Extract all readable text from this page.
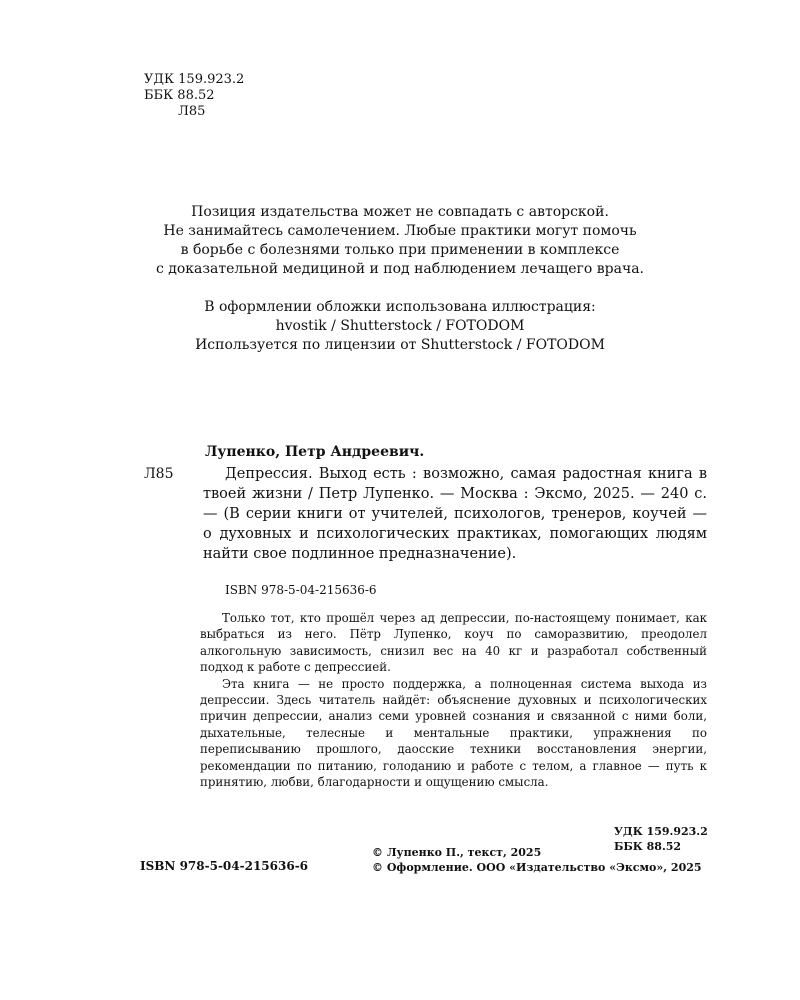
УДК 159.923.2
ББК 88.52
Л85
Позиция издательства может не совпадать с авторской.
Не занимайтесь самолечением. Любые практики могут помочь
в борьбе с болезнями только при применении в комплексе
с доказательной медициной и под наблюдением лечащего врача.
В оформлении обложки использована иллюстрация:
hvostik / Shutterstock / FOTODOM
Используется по лицензии от Shutterstock / FOTODOM
Лупенко, Петр Андреевич.
Л85	Депрессия. Выход есть : возможно, самая радостная книга в твоей жизни / Петр Лупенко. — Москва : Эксмо, 2025. — 240 с. — (В серии книги от учителей, психологов, тренеров, коучей — о духовных и психологических практиках, помогающих людям найти свое подлинное предназначение).
ISBN 978-5-04-215636-6

Только тот, кто прошёл через ад депрессии, по-настоящему понимает, как выбраться из него. Пётр Лупенко, коуч по саморазвитию, преодолел алкогольную зависимость, снизил вес на 40 кг и разработал собственный подход к работе с депрессией.

Эта книга — не просто поддержка, а полноценная система выхода из депрессии. Здесь читатель найдёт: объяснение духовных и психологических причин депрессии, анализ семи уровней сознания и связанной с ними боли, дыхательные, телесные и ментальные практики, упражнения по переписыванию прошлого, даосские техники восстановления энергии, рекомендации по питанию, голоданию и работе с телом, а главное — путь к принятию, любви, благодарности и ощущению смысла.

УДК 159.923.2
ББК 88.52
ISBN 978-5-04-215636-6
© Лупенко П., текст, 2025
© Оформление. ООО «Издательство «Эксмо», 2025
